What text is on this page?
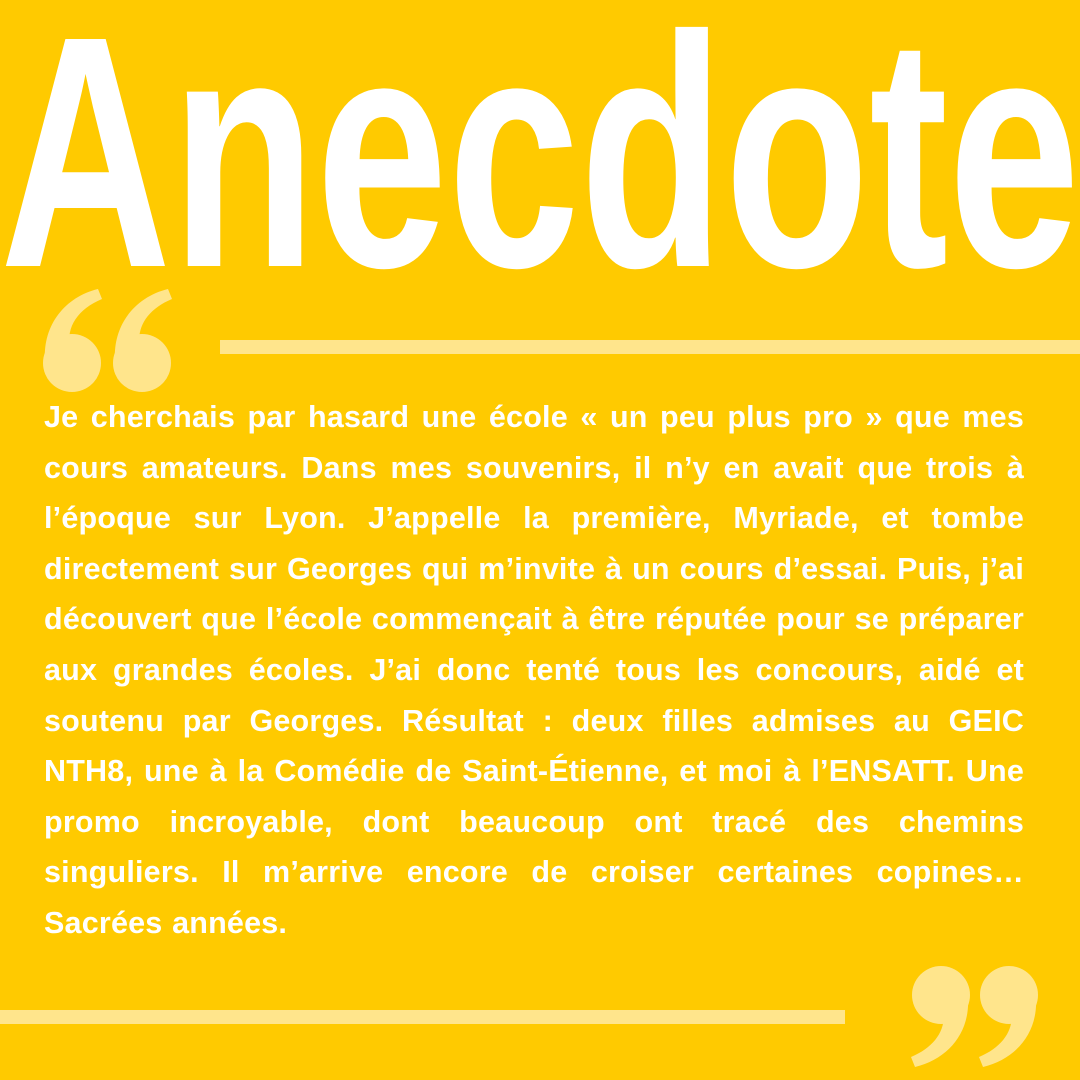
Anecdote

Je cherchais par hasard une école « un peu plus pro » que mes cours amateurs. Dans mes souvenirs, il n’y en avait que trois à l’époque sur Lyon. J’appelle la première, Myriade, et tombe directement sur Georges qui m’invite à un cours d’essai. Puis, j’ai découvert que l’école commençait à être réputée pour se préparer aux grandes écoles. J’ai donc tenté tous les concours, aidé et soutenu par Georges. Résultat : deux filles admises au GEIC NTH8, une à la Comédie de Saint-Étienne, et moi à l’ENSATT. Une promo incroyable, dont beaucoup ont tracé des chemins singuliers. Il m’arrive encore de croiser certaines copines… Sacrées années.
